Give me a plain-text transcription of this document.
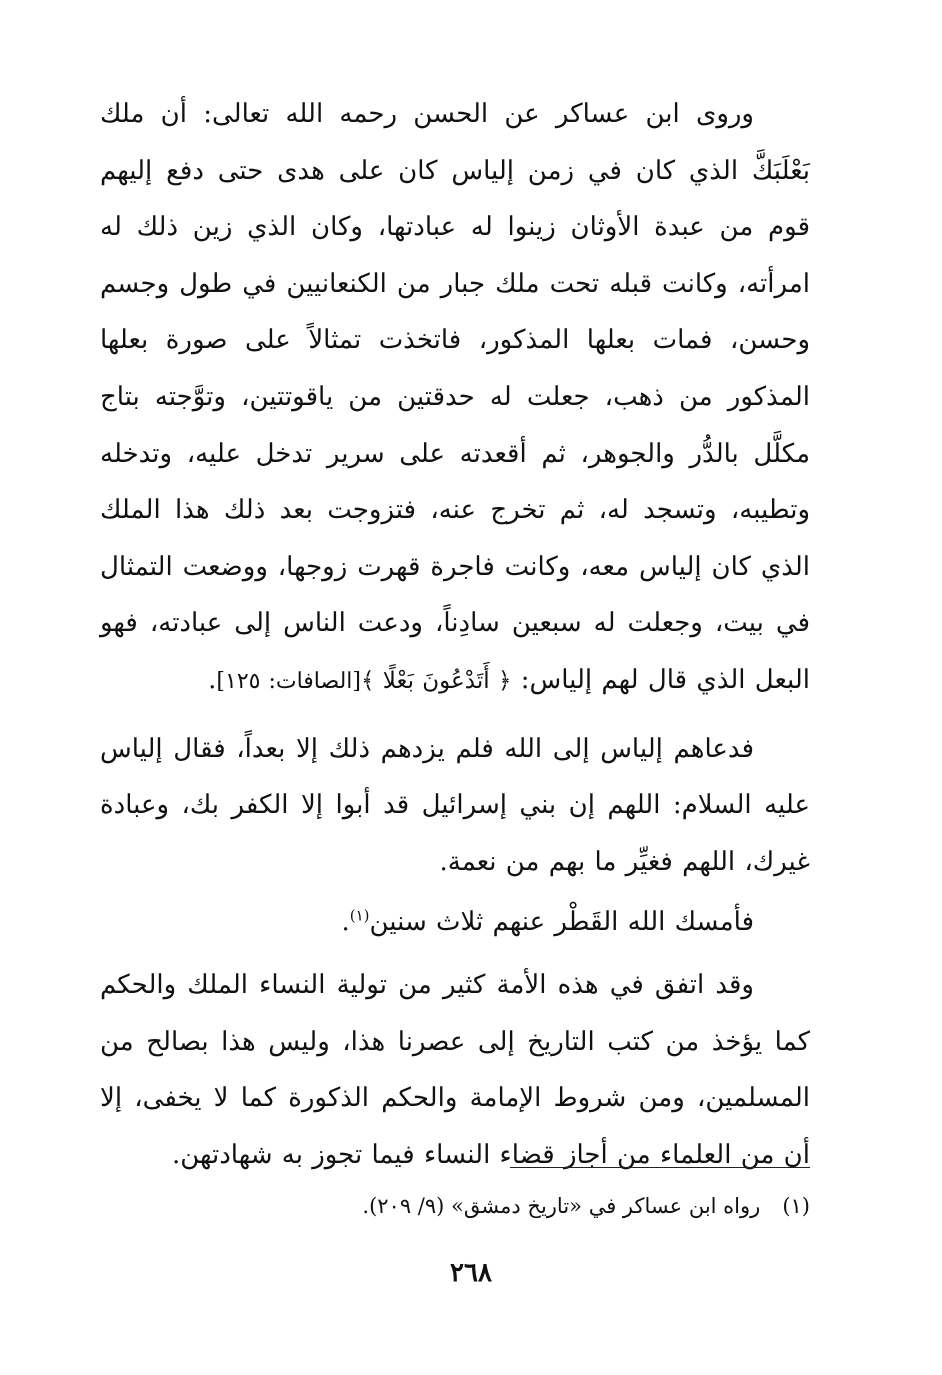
وروى ابن عساكر عن الحسن رحمه الله تعالى: أن ملك بَعْلَبَكَّ الذي كان في زمن إلياس كان على هدى حتى دفع إليهم قوم من عبدة الأوثان زينوا له عبادتها، وكان الذي زين ذلك له امرأته، وكانت قبله تحت ملك جبار من الكنعانيين في طول وجسم وحسن، فمات بعلها المذكور، فاتخذت تمثالاً على صورة بعلها المذكور من ذهب، جعلت له حدقتين من ياقوتتين، وتوَّجته بتاج مكلَّل بالدُّر والجوهر، ثم أقعدته على سرير تدخل عليه، وتدخله وتطيبه، وتسجد له، ثم تخرج عنه، فتزوجت بعد ذلك هذا الملك الذي كان إلياس معه، وكانت فاجرة قهرت زوجها، ووضعت التمثال في بيت، وجعلت له سبعين سادِناً، ودعت الناس إلى عبادته، فهو البعل الذي قال لهم إلياس: ﴿ أَتَدْعُونَ بَعْلًا ﴾[الصافات: ١٢٥].

فدعاهم إلياس إلى الله فلم يزدهم ذلك إلا بعداً، فقال إلياس عليه السلام: اللهم إن بني إسرائيل قد أبوا إلا الكفر بك، وعبادة غيرك، اللهم فغيِّر ما بهم من نعمة.

فأمسك الله القَطْر عنهم ثلاث سنين$^{(١)}$.

وقد اتفق في هذه الأمة كثير من تولية النساء الملك والحكم كما يؤخذ من كتب التاريخ إلى عصرنا هذا، وليس هذا بصالح من المسلمين، ومن شروط الإمامة والحكم الذكورة كما لا يخفى، إلا أن من العلماء من أجاز قضاء النساء فيما تجوز به شهادتهن.

(١)رواه ابن عساكر في «تاريخ دمشق» (٩/ ٢٠٩).
٢٦٨
